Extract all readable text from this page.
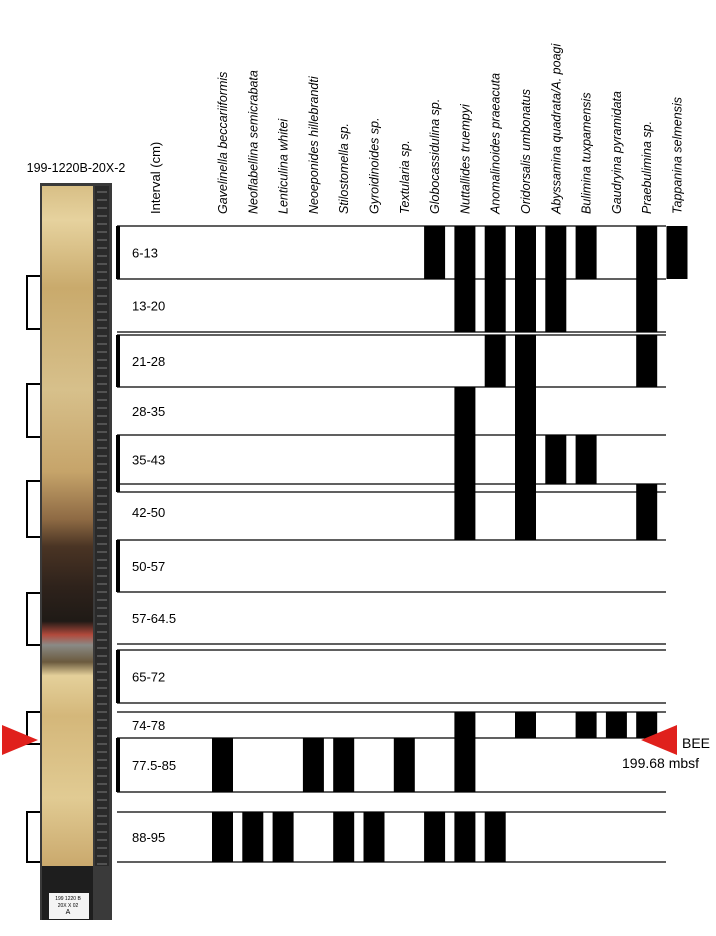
199-1220B-20X-2
199 1220 B
20X X 02
A
6-13
13-20
21-28
28-35
35-43
42-50
50-57
57-64.5
65-72
74-78
77.5-85
88-95
Interval (cm)	Gavelinella beccariiformis Neoflabellina semicrabata Lenticulina whitei Neoeponides hillebrandti Stilostomella sp. Gyroidinoides sp. Textularia sp. Globocassidulina sp. Nuttallides truempyi Anomalinoides praeacuta Oridorsalis umbonatus Abyssamina quadrata/A. poagi Bulimina tuxpamensis Gaudryina pyramidata Praebulimina sp. Tappanina selmensis
BEE
199.68 mbsf
